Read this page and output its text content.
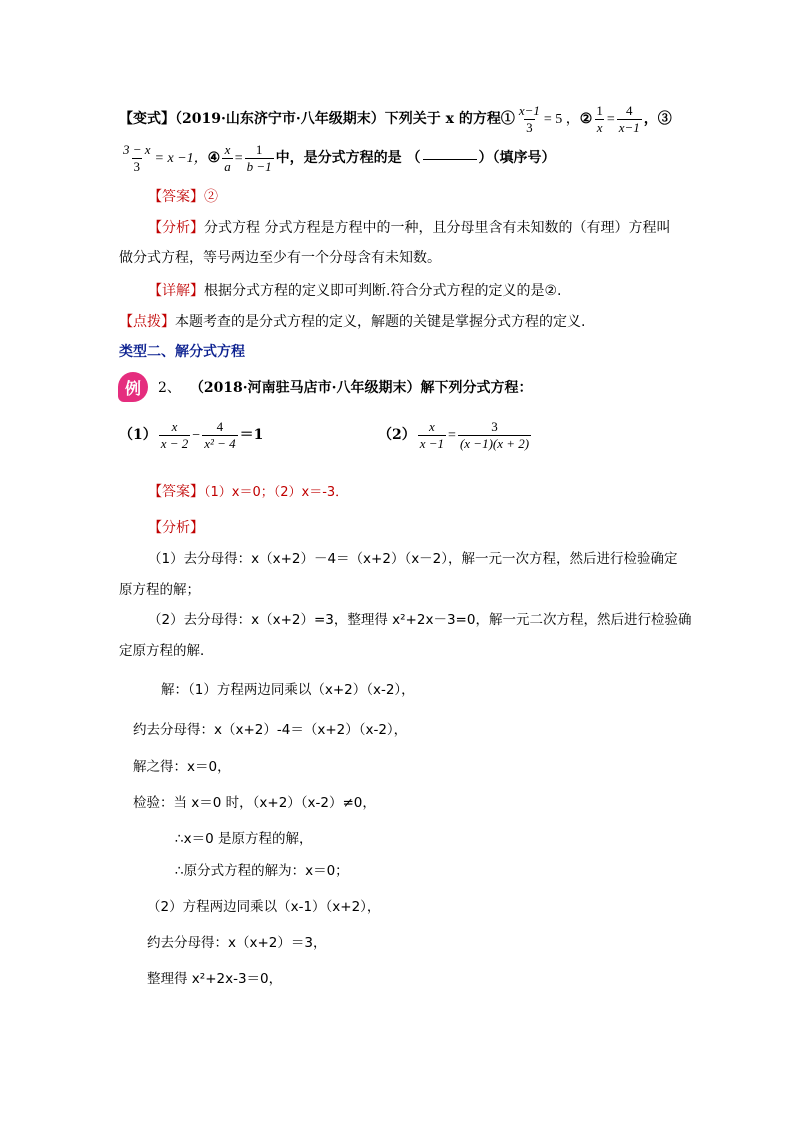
【变式】（2019·山东济宁市·八年级期末）下列关于 x 的方程① $\frac{x-1}{3} = 5$ ，② $\frac{1}{x} = \frac{4}{x-1}$ ，③
$\frac{3 - x}{3} = x -1$，④ $\frac{x}{a} = \frac{1}{b -1}$ 中，是分式方程的是 （	）（填序号）
【答案】②
【分析】分式方程 分式方程是方程中的一种，且分母里含有未知数的（有理）方程叫
做分式方程，等号两边至少有一个分母含有未知数。
【详解】根据分式方程的定义即可判断.符合分式方程的定义的是②.
【点拨】本题考查的是分式方程的定义，解题的关键是掌握分式方程的定义.
类型二、解分式方程
例	2、 （2018·河南驻马店市·八年级期末）解下列分式方程：
$(1) \frac{x}{x - 2} - \frac{4}{\text{x² − 4}} =1$	$(2) \frac{x}{x -1} = \frac{3}{(x -1)(x + 2)}$
【答案】（1）x＝0；（2）x＝-3．
【分析】
（1）去分母得：x（x+2）－4＝（x+2）（x－2），解一元一次方程，然后进行检验确定
原方程的解；
（2）去分母得：x（x+2）=3，整理得 x²+2x－3=0，解一元二次方程，然后进行检验确
定原方程的解．
解：（1）方程两边同乘以（x+2）（x-2），
约去分母得：x（x+2）-4＝（x+2）（x-2），
解之得：x＝0，
检验：当 x＝0 时，（x+2）（x-2）≠0，
∴x＝0 是原方程的解，
∴原分式方程的解为：x＝0；
（2）方程两边同乘以（x-1）（x+2），
约去分母得：x（x+2）＝3，
整理得 x²+2x-3＝0，
